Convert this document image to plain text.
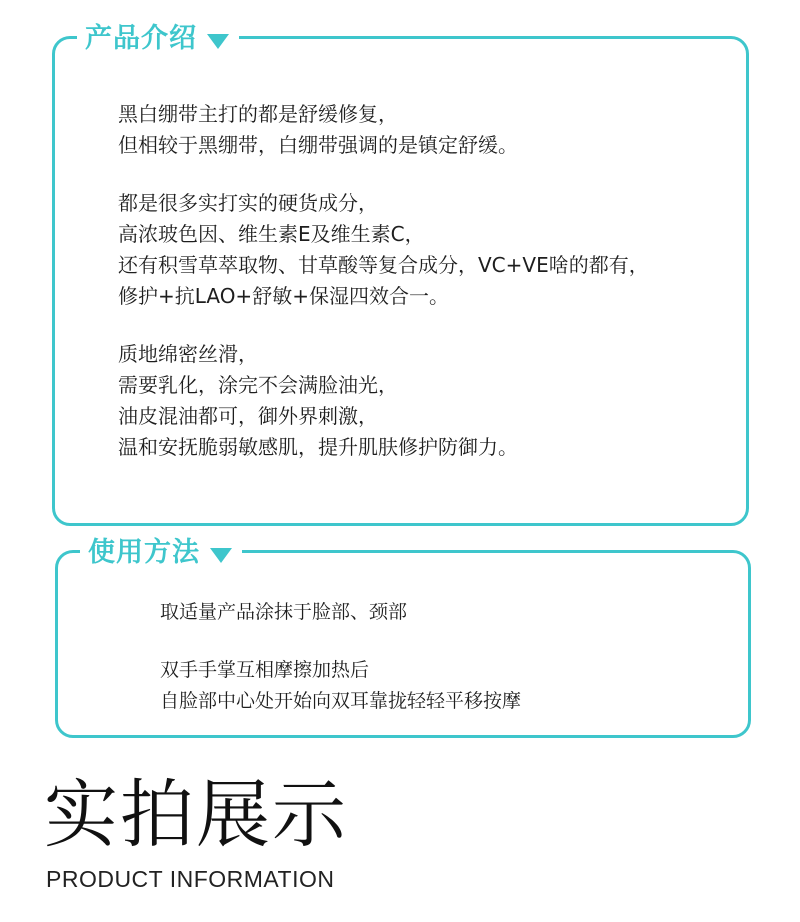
产品介绍
黑白绷带主打的都是舒缓修复，
但相较于黑绷带，白绷带强调的是镇定舒缓。
都是很多实打实的硬货成分，
高浓玻色因、维生素E及维生素C，
还有积雪草萃取物、甘草酸等复合成分，VC+VE啥的都有，
修护+抗LAO+舒敏+保湿四效合一。
质地绵密丝滑，
需要乳化，涂完不会满脸油光，
油皮混油都可，御外界刺激，
温和安抚脆弱敏感肌，提升肌肤修护防御力。
使用方法
取适量产品涂抹于脸部、颈部
双手手掌互相摩擦加热后
自脸部中心处开始向双耳靠拢轻轻平移按摩
实拍展示
PRODUCT INFORMATION
